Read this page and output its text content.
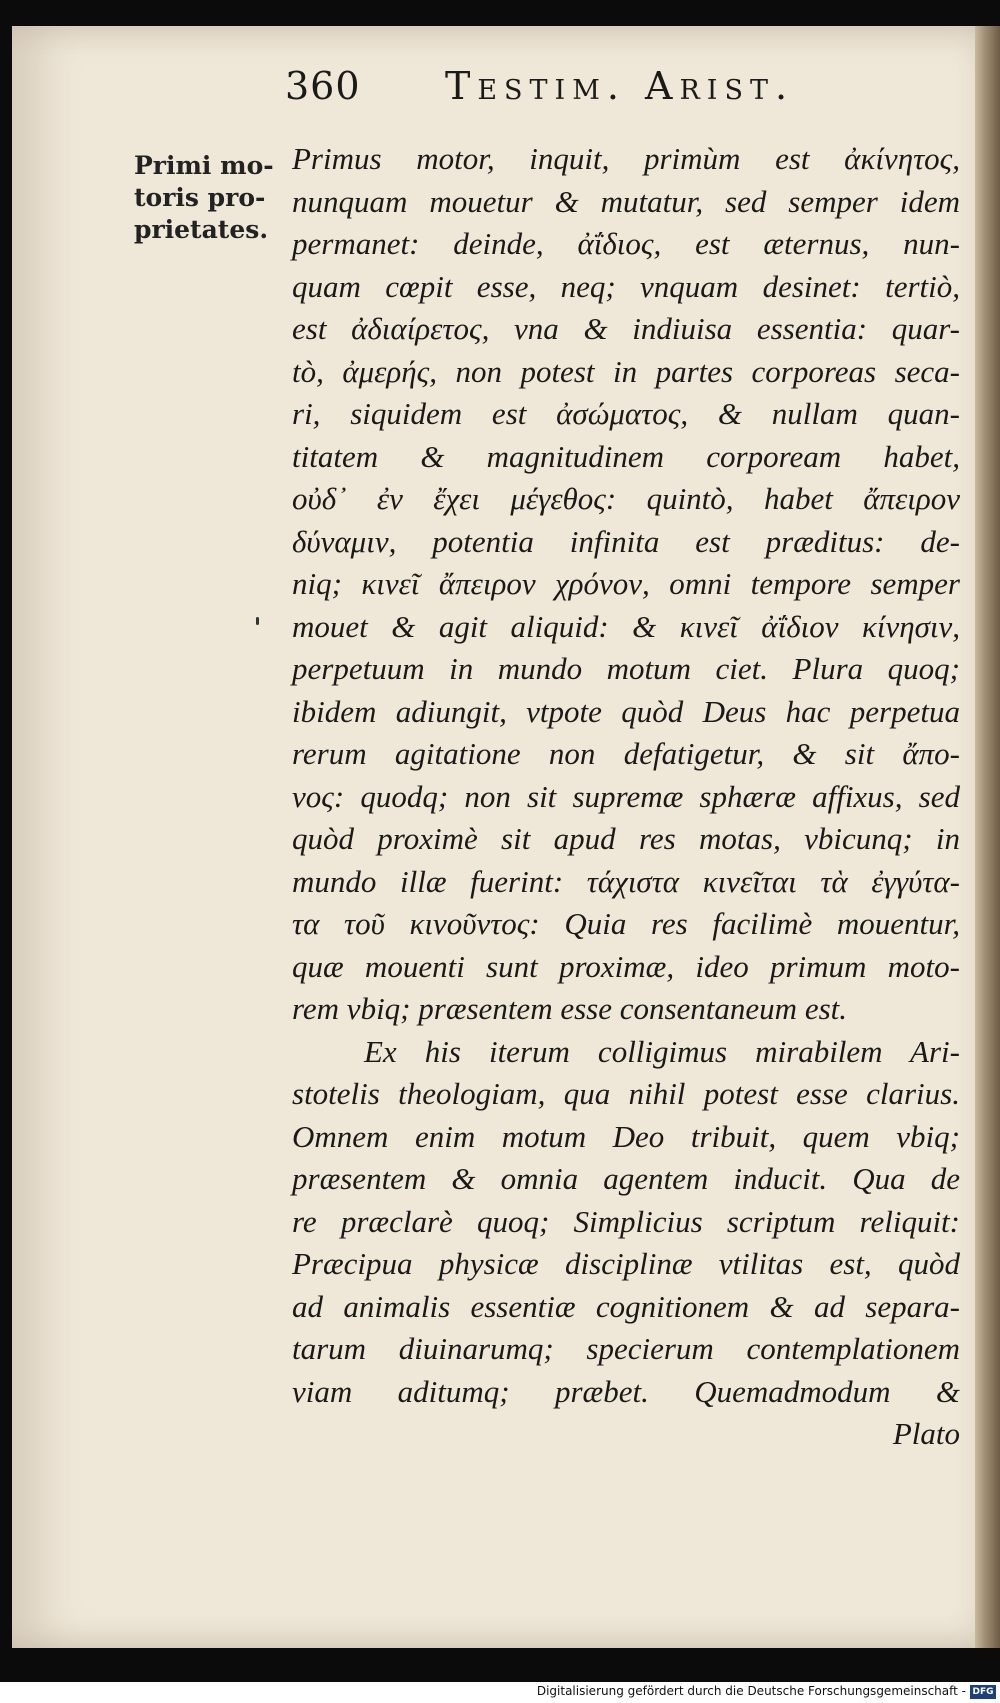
360 Testim. Arist.
Primi mo-
toris pro-
prietates.
Primus motor, inquit, primùm est ἀκίνητος,
nunquam mouetur & mutatur, sed semper idem
permanet: deinde, ἀΐδιος, est æternus, nun-
quam cœpit esse, neq; vnquam desinet: tertiò,
est ἀδιαίρετος, vna & indiuisa essentia: quar-
tò, ἀμερής, non potest in partes corporeas seca-
ri, siquidem est ἀσώματος, & nullam quan-
titatem & magnitudinem corpoream habet,
οὐδ᾽ ἐν ἔχει μέγεθος: quintò, habet ἄπειρον
δύναμιν, potentia infinita est præditus: de-
niq; κινεῖ ἄπειρον χρόνον, omni tempore semper
mouet & agit aliquid: & κινεῖ ἀΐδιον κίνησιν,
perpetuum in mundo motum ciet. Plura quoq;
ibidem adiungit, vtpote quòd Deus hac perpetua
rerum agitatione non defatigetur, & sit ἄπο-
νος: quodq; non sit supremæ sphæræ affixus, sed
quòd proximè sit apud res motas, vbicunq; in
mundo illæ fuerint: τάχιστα κινεῖται τὰ ἐγγύτα-
τα τοῦ κινοῦντος: Quia res facilimè mouentur,
quæ mouenti sunt proximæ, ideo primum moto-
rem vbiq; præsentem esse consentaneum est.
Ex his iterum colligimus mirabilem Ari-
stotelis theologiam, qua nihil potest esse clarius.
Omnem enim motum Deo tribuit, quem vbiq;
præsentem & omnia agentem inducit. Qua de
re præclarè quoq; Simplicius scriptum reliquit:
Præcipua physicæ disciplinæ vtilitas est, quòd
ad animalis essentiæ cognitionem & ad separa-
tarum diuinarumq; specierum contemplationem
viam aditumq; præbet. Quemadmodum &
Plato
Digitalisierung gefördert durch die Deutsche Forschungsgemeinschaft - DFG
